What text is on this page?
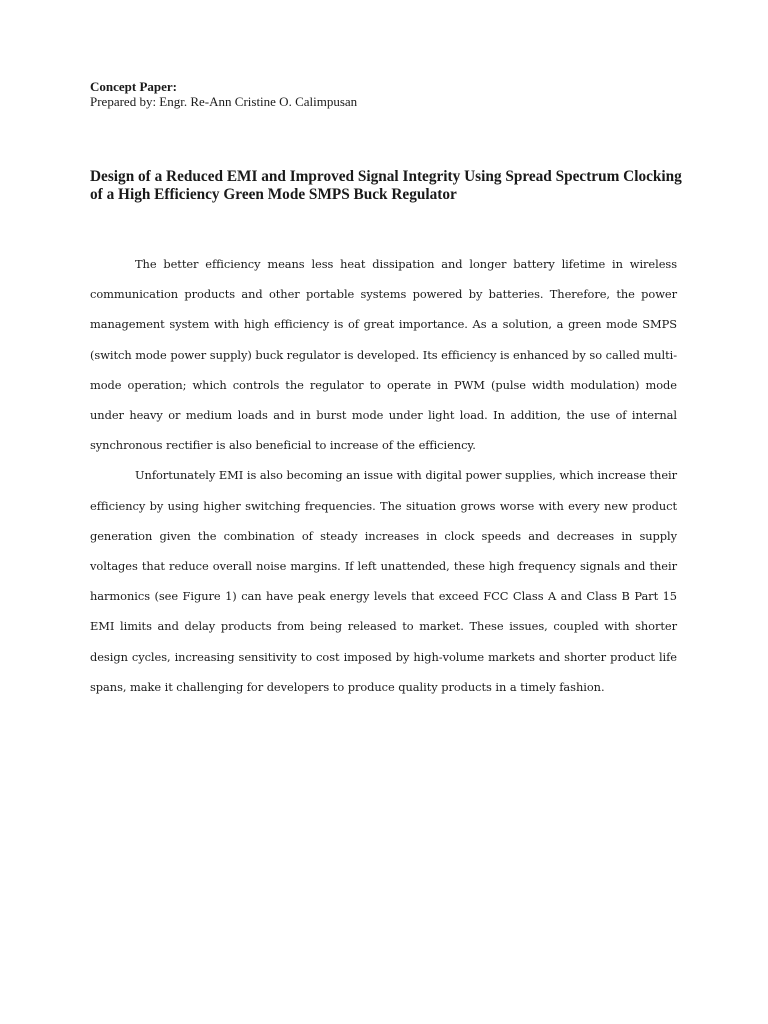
Concept Paper:

Prepared by: Engr. Re-Ann Cristine O. Calimpusan

Design of a Reduced EMI and Improved Signal Integrity Using Spread Spectrum Clocking of a High Efficiency Green Mode SMPS Buck Regulator

The better efficiency means less heat dissipation and longer battery lifetime in wireless communication products and other portable systems powered by batteries. Therefore, the power management system with high efficiency is of great importance. As a solution, a green mode SMPS (switch mode power supply) buck regulator is developed. Its efficiency is enhanced by so called multi-mode operation; which controls the regulator to operate in PWM (pulse width modulation) mode under heavy or medium loads and in burst mode under light load. In addition, the use of internal synchronous rectifier is also beneficial to increase of the efficiency.

Unfortunately EMI is also becoming an issue with digital power supplies, which increase their efficiency by using higher switching frequencies. The situation grows worse with every new product generation given the combination of steady increases in clock speeds and decreases in supply voltages that reduce overall noise margins. If left unattended, these high frequency signals and their harmonics (see Figure 1) can have peak energy levels that exceed FCC Class A and Class B Part 15 EMI limits and delay products from being released to market. These issues, coupled with shorter design cycles, increasing sensitivity to cost imposed by high-volume markets and shorter product life spans, make it challenging for developers to produce quality products in a timely fashion.
